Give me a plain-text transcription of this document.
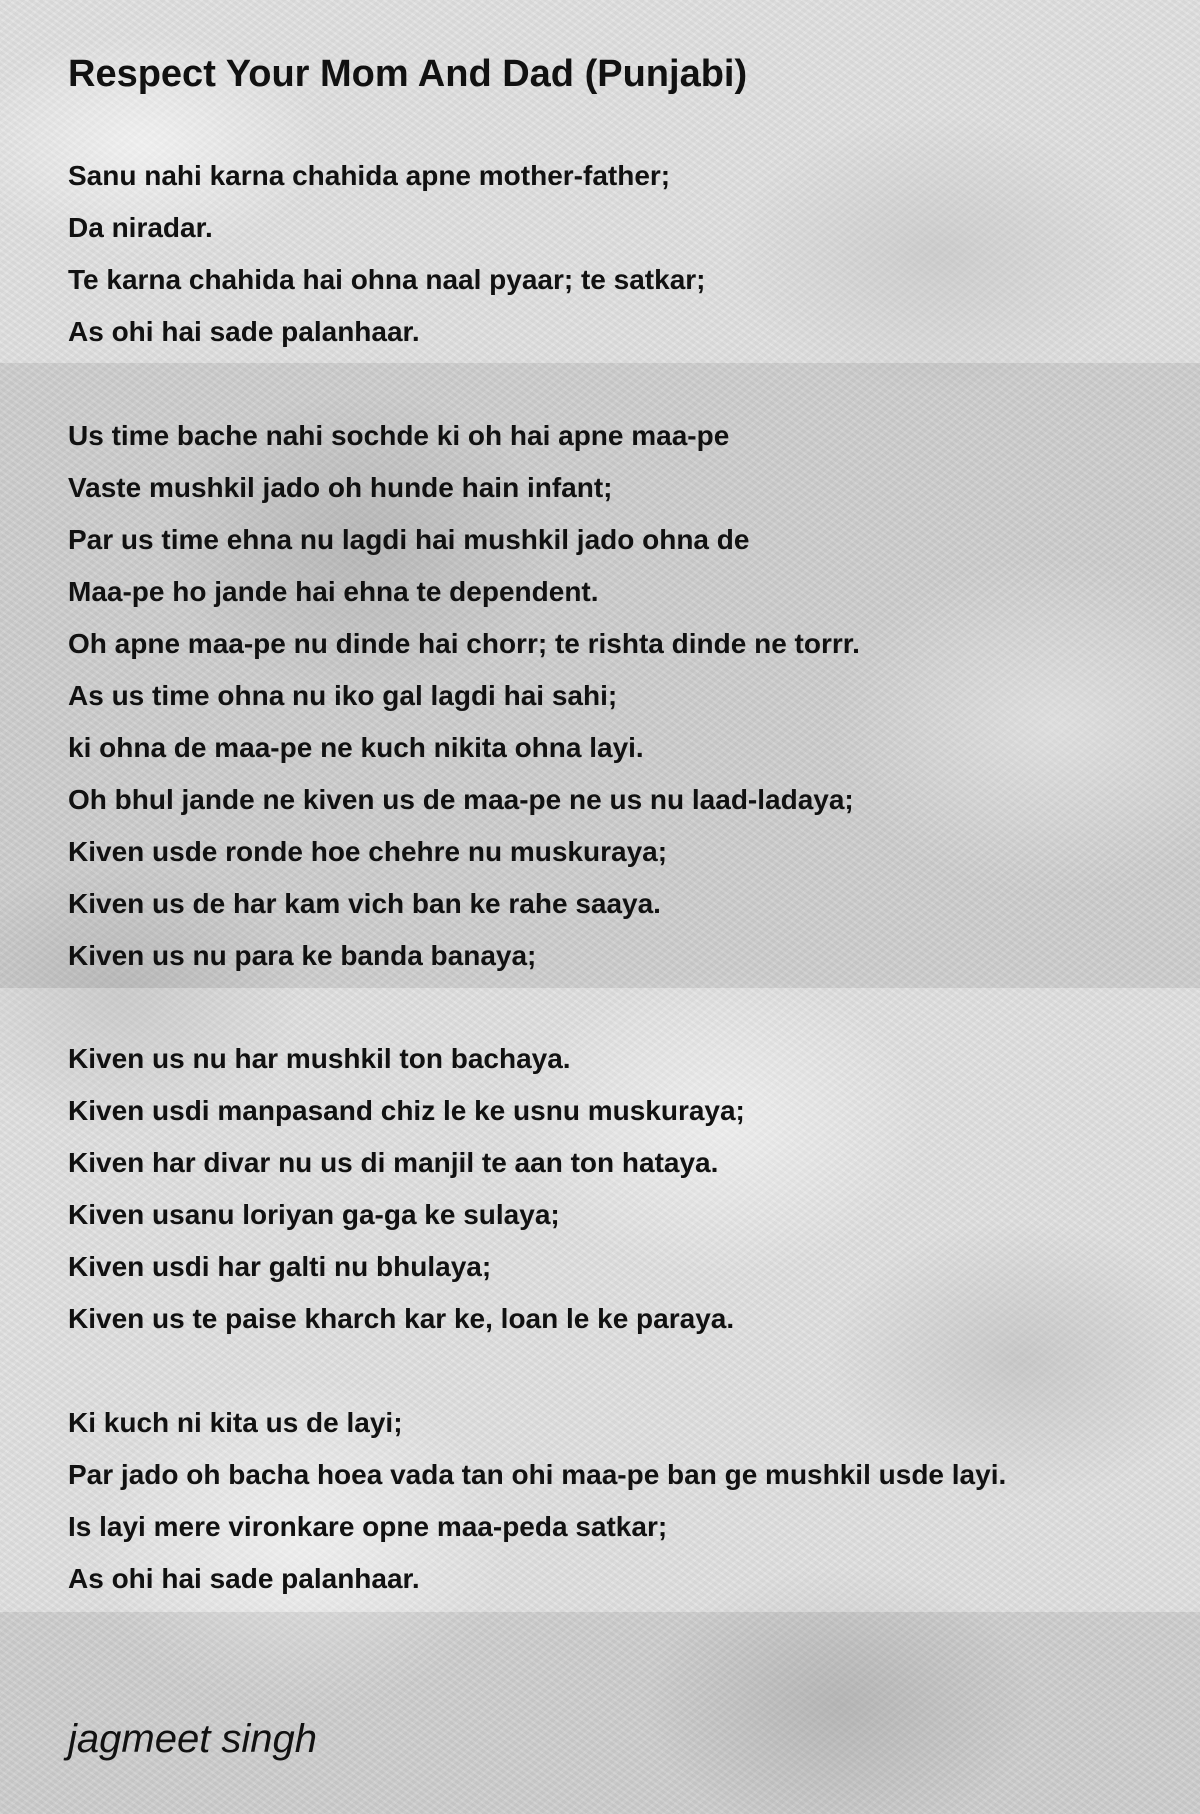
Respect Your Mom And Dad (Punjabi)
Sanu nahi karna chahida apne mother-father;
Da niradar.
Te karna chahida hai ohna naal pyaar; te satkar;
As ohi hai sade palanhaar.
Us time bache nahi sochde ki oh hai apne maa-pe
Vaste mushkil jado oh hunde hain infant;
Par us time ehna nu lagdi hai mushkil jado ohna de
Maa-pe ho jande hai ehna te dependent.
Oh apne maa-pe nu dinde hai chorr; te rishta dinde ne torrr.
As us time ohna nu iko gal lagdi hai sahi;
ki ohna de maa-pe ne kuch nikita ohna layi.
Oh bhul jande ne kiven us de maa-pe ne us nu laad-ladaya;
Kiven usde ronde hoe chehre nu muskuraya;
Kiven us de har kam vich ban ke rahe saaya.
Kiven us nu para ke banda banaya;
Kiven us nu har mushkil ton bachaya.
Kiven usdi manpasand chiz le ke usnu muskuraya;
Kiven har divar nu us di manjil te aan ton hataya.
Kiven usanu loriyan ga-ga ke sulaya;
Kiven usdi har galti nu bhulaya;
Kiven us te paise kharch kar ke, loan le ke paraya.
Ki kuch ni kita us de layi;
Par jado oh bacha hoea vada tan ohi maa-pe ban ge mushkil usde layi.
Is layi mere vironkare opne maa-peda satkar;
As ohi hai sade palanhaar.
jagmeet singh
